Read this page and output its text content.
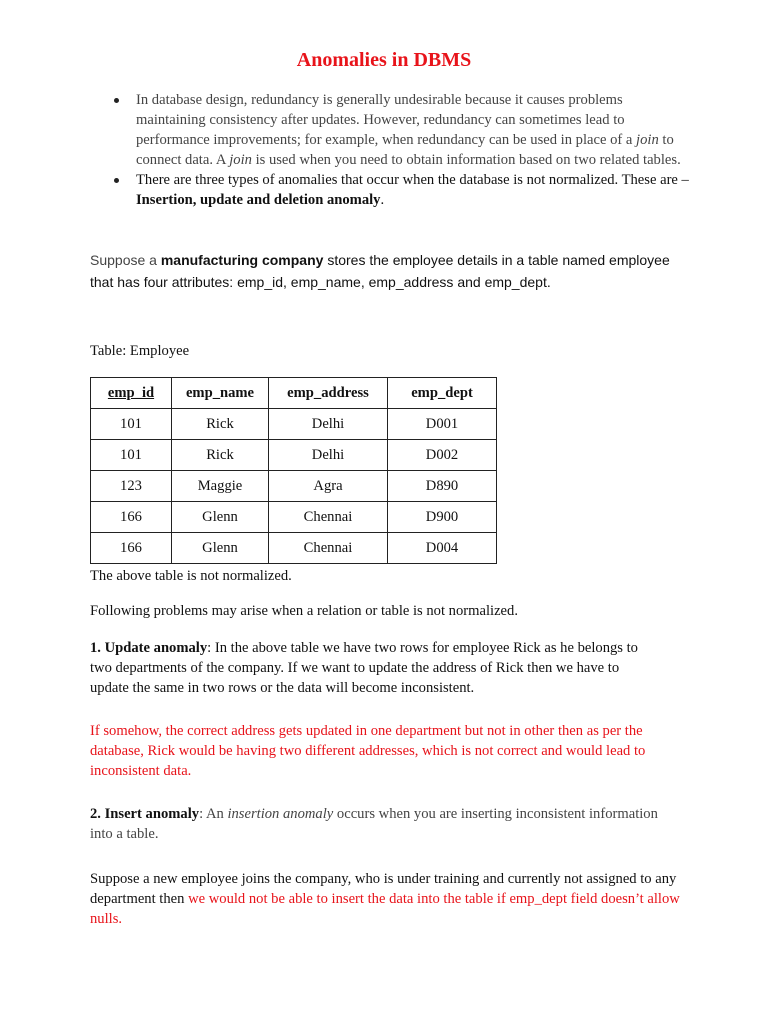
Anomalies in DBMS
In database design, redundancy is generally undesirable because it causes problems maintaining consistency after updates. However, redundancy can sometimes lead to performance improvements; for example, when redundancy can be used in place of a join to connect data. A join is used when you need to obtain information based on two related tables.
There are three types of anomalies that occur when the database is not normalized. These are – Insertion, update and deletion anomaly.
Suppose a manufacturing company stores the employee details in a table named employee that has four attributes: emp_id, emp_name, emp_address and emp_dept.
Table: Employee
emp_id	emp_name	emp_address	emp_dept
101	Rick	Delhi	D001
101	Rick	Delhi	D002
123	Maggie	Agra	D890
166	Glenn	Chennai	D900
166	Glenn	Chennai	D004
The above table is not normalized.
Following problems may arise when a relation or table is not normalized.
1. Update anomaly: In the above table we have two rows for employee Rick as he belongs to two departments of the company. If we want to update the address of Rick then we have to update the same in two rows or the data will become inconsistent.
If somehow, the correct address gets updated in one department but not in other then as per the database, Rick would be having two different addresses, which is not correct and would lead to inconsistent data.
2. Insert anomaly: An insertion anomaly occurs when you are inserting inconsistent information into a table.
Suppose a new employee joins the company, who is under training and currently not assigned to any department then we would not be able to insert the data into the table if emp_dept field doesn’t allow nulls.
